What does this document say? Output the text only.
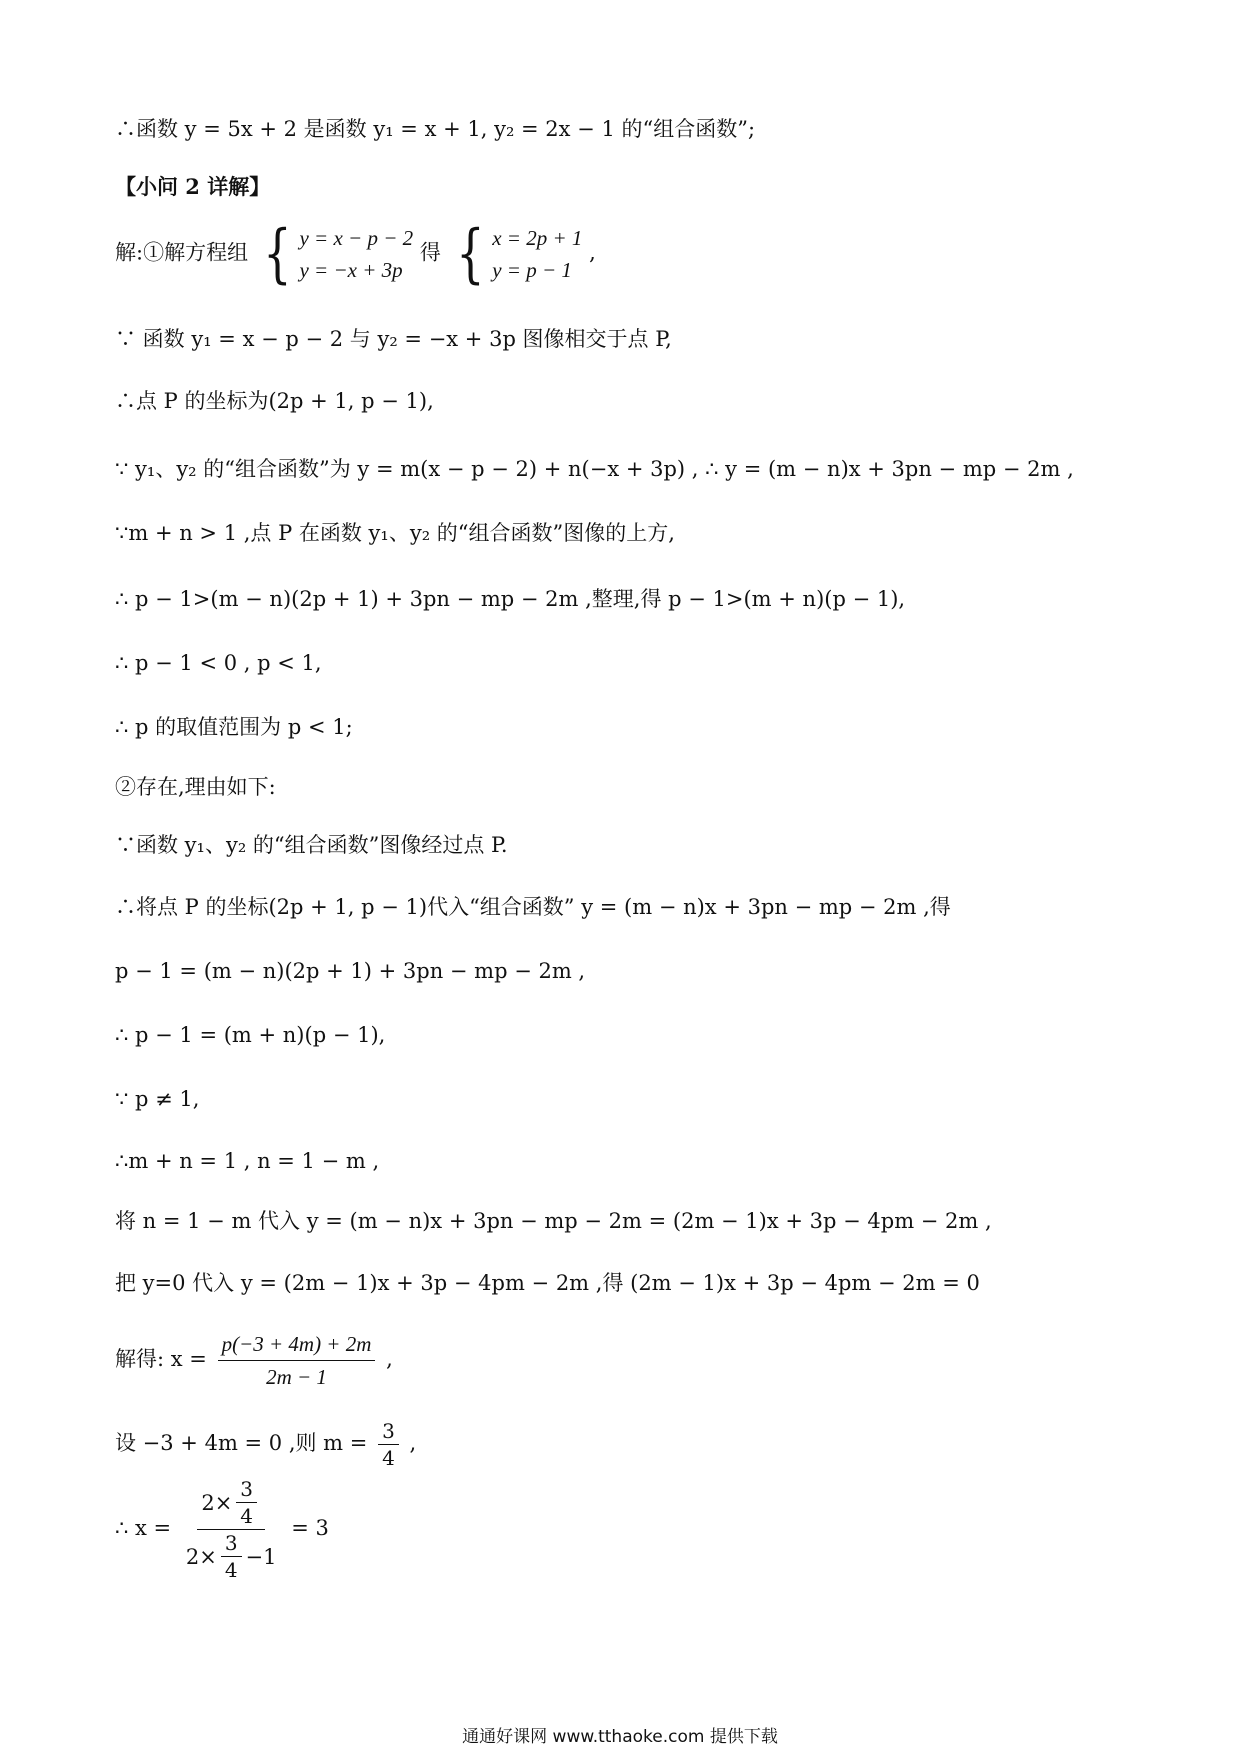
∴函数 y = 5x + 2 是函数 y₁ = x + 1, y₂ = 2x − 1 的“组合函数”;
【小问 2 详解】
解:①解方程组 { y = x − p − 2
y = −x + 3p
得 { x = 2p + 1
y = p − 1
,
∵ 函数 y₁ = x − p − 2 与 y₂ = −x + 3p 图像相交于点 P,
∴点 P 的坐标为(2p + 1, p − 1),
∵ y₁、y₂ 的“组合函数”为 y = m(x − p − 2) + n(−x + 3p) , ∴ y = (m − n)x + 3pn − mp − 2m ,
∵m + n > 1 ,点 P 在函数 y₁、y₂ 的“组合函数”图像的上方,
∴ p − 1>(m − n)(2p + 1) + 3pn − mp − 2m ,整理,得 p − 1>(m + n)(p − 1),
∴ p − 1 < 0 , p < 1,
∴ p 的取值范围为 p < 1;
②存在,理由如下:
∵函数 y₁、y₂ 的“组合函数”图像经过点 P.
∴将点 P 的坐标(2p + 1, p − 1)代入“组合函数” y = (m − n)x + 3pn − mp − 2m ,得
p − 1 = (m − n)(2p + 1) + 3pn − mp − 2m ,
∴ p − 1 = (m + n)(p − 1),
∵ p ≠ 1,
∴m + n = 1 , n = 1 − m ,
将 n = 1 − m 代入 y = (m − n)x + 3pn − mp − 2m = (2m − 1)x + 3p − 4pm − 2m ,
把 y=0 代入 y = (2m − 1)x + 3p − 4pm − 2m ,得 (2m − 1)x + 3p − 4pm − 2m = 0
解得: $x = \frac{p(-3 + 4m) + 2m}{2m - 1}$ ,
设 −3 + 4m = 0 ,则 $m = \frac{3}{4}$ ,
∴ $x = \frac{2\times \frac{3}{4}}{2\times \frac{3}{4} -1} = 3$
通通好课网 www.tthaoke.com 提供下载
